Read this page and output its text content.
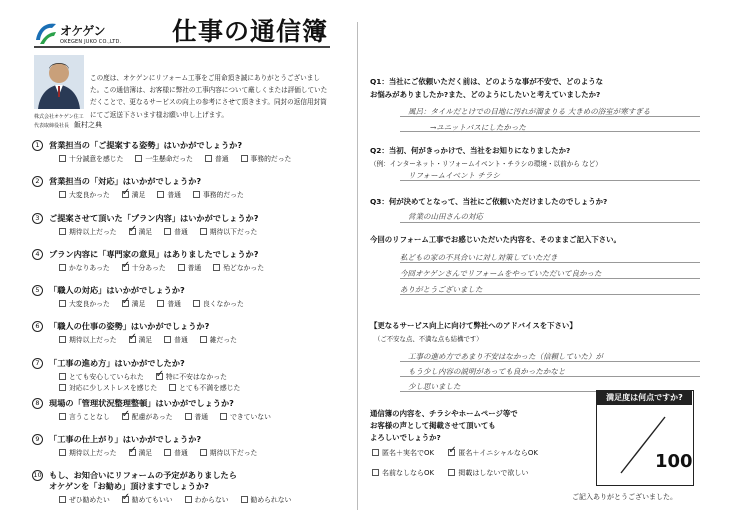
オケゲン
OKEGEN JUKO CO.,LTD. 仕事の通信簿
この度は、オケゲンにリフォーム工事をご用命頂き誠にありがとうございました。この通信簿は、お客様に弊社の工事内容について厳しくまたは評価していただくことで、更なるサービスの向上の参考にさせて頂きます。同封の返信用封筒にてご返送下さいます様お願い申し上げます。
株式会社オケゲン住工
代表取締役社長　 飯村之典
1	営業担当の「ご提案する姿勢」はいかがでしょうか?
十分誠意を感じた	一生懸命だった	普通	事務的だった
2	営業担当の「対応」はいかがでしょうか?
大変良かった ✓	満足	普通	事務的だった
3	ご提案させて頂いた「プラン内容」はいかがでしょうか?
期待以上だった ✓	満足	普通	期待以下だった
4	プラン内容に「専門家の意見」はありましたでしょうか?
かなりあった ✓	十分あった	普通	殆どなかった
5	「職人の対応」はいかがでしょうか?
大変良かった ✓	満足	普通	良くなかった
6	「職人の仕事の姿勢」はいかがでしょうか?
期待以上だった ✓	満足	普通	雑だった
7	「工事の進め方」はいかがでしたか?
とても安心していられた ✓	特に不安はなかった
対応に少しストレスを感じた	とても不満を感じた
8	現場の「管理状況整理整頓」はいかがでしょうか?
言うことなし ✓	配慮があった	普通	できていない
9	「工事の仕上がり」はいかがでしょうか?
期待以上だった ✓	満足	普通	期待以下だった
10 もし、お知合いにリフォームの予定がありましたら
オケゲンを「お勧め」頂けますでしょうか?
ぜひ勧めたい ✓	勧めてもいい	わからない	勧められない
Q1：当社にご依頼いただく前は、どのような事が不安で、どのような
お悩みがありましたか?また、どのようにしたいと考えていましたか?
風呂：タイルだとけでの目地に汚れが溜まりる 大きめの浴室が寒すぎる
→ユニットバスにしたかった
Q2：当初、何がきっかけで、当社をお知りになりましたか?
（例：インターネット・リフォームイベント・チラシの環境・以前から など）
リフォームイベント チラシ
Q3：何が決めてとなって、当社にご依頼いただけましたのでしょうか?
営業の山田さんの対応
今回のリフォーム工事でお感じいただいた内容を、そのままご記入下さい。
私どもの家の不具合いに対し対策していただき
今回オケゲンさんでリフォームをやっていただいて良かった
ありがとうございました
【更なるサービス向上に向けて弊社へのアドバイスを下さい】
（ご不安な点、不満な点も結構です）
工事の進め方であまり不安はなかった（信頼していた）が
もう少し内容の説明があっても良かったかなと
少し思いました
通信簿の内容を、チラシやホームページ等で
お客様の声として掲載させて頂いても
よろしいでしょうか?
匿名＋実名でOK ✓	匿名＋イニシャルならOK
名前なしならOK	掲載はしないで欲しい
満足度は何点ですか?
100
ご記入ありがとうございました。
